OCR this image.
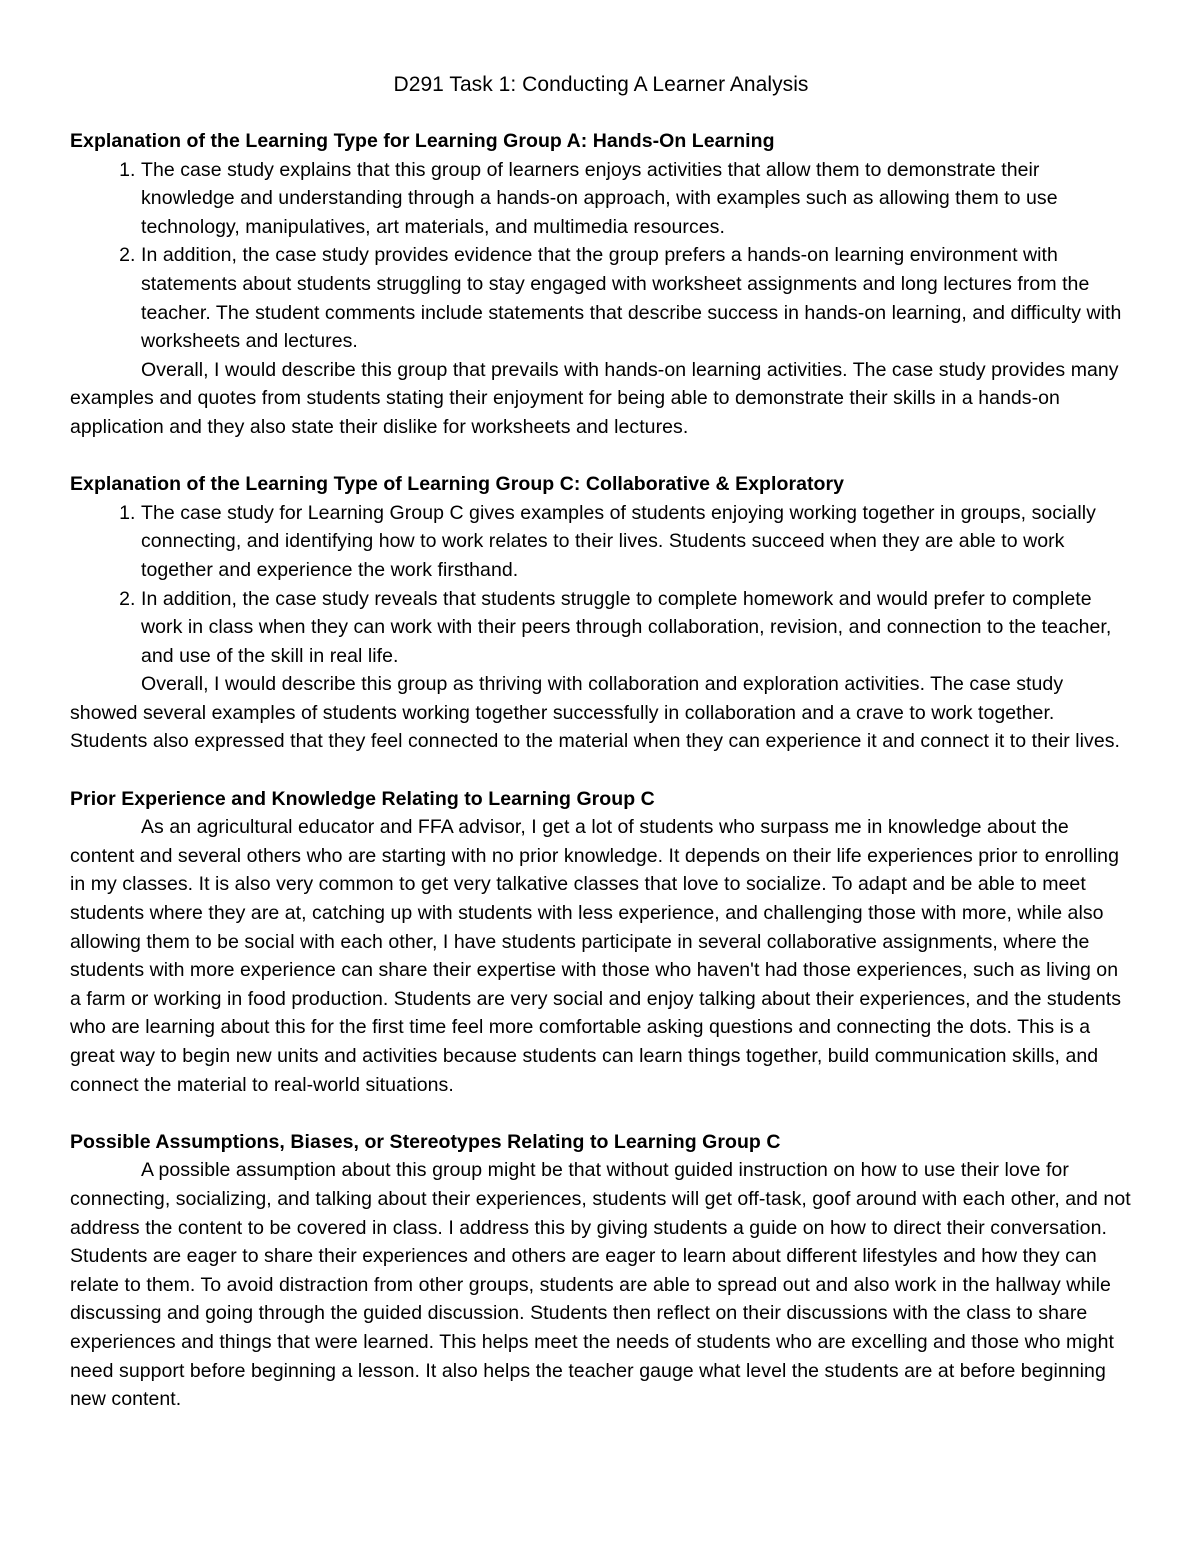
D291 Task 1: Conducting A Learner Analysis
Explanation of the Learning Type for Learning Group A: Hands-On Learning
1. The case study explains that this group of learners enjoys activities that allow them to demonstrate their knowledge and understanding through a hands-on approach, with examples such as allowing them to use technology, manipulatives, art materials, and multimedia resources.
2. In addition, the case study provides evidence that the group prefers a hands-on learning environment with statements about students struggling to stay engaged with worksheet assignments and long lectures from the teacher. The student comments include statements that describe success in hands-on learning, and difficulty with worksheets and lectures.

Overall, I would describe this group that prevails with hands-on learning activities. The case study provides many examples and quotes from students stating their enjoyment for being able to demonstrate their skills in a hands-on application and they also state their dislike for worksheets and lectures.

Explanation of the Learning Type of Learning Group C: Collaborative & Exploratory
1. The case study for Learning Group C gives examples of students enjoying working together in groups, socially connecting, and identifying how to work relates to their lives. Students succeed when they are able to work together and experience the work firsthand.
2. In addition, the case study reveals that students struggle to complete homework and would prefer to complete work in class when they can work with their peers through collaboration, revision, and connection to the teacher, and use of the skill in real life.

Overall, I would describe this group as thriving with collaboration and exploration activities. The case study showed several examples of students working together successfully in collaboration and a crave to work together. Students also expressed that they feel connected to the material when they can experience it and connect it to their lives.

Prior Experience and Knowledge Relating to Learning Group C

As an agricultural educator and FFA advisor, I get a lot of students who surpass me in knowledge about the content and several others who are starting with no prior knowledge. It depends on their life experiences prior to enrolling in my classes. It is also very common to get very talkative classes that love to socialize. To adapt and be able to meet students where they are at, catching up with students with less experience, and challenging those with more, while also allowing them to be social with each other, I have students participate in several collaborative assignments, where the students with more experience can share their expertise with those who haven't had those experiences, such as living on a farm or working in food production. Students are very social and enjoy talking about their experiences, and the students who are learning about this for the first time feel more comfortable asking questions and connecting the dots. This is a great way to begin new units and activities because students can learn things together, build communication skills, and connect the material to real-world situations.

Possible Assumptions, Biases, or Stereotypes Relating to Learning Group C

A possible assumption about this group might be that without guided instruction on how to use their love for connecting, socializing, and talking about their experiences, students will get off-task, goof around with each other, and not address the content to be covered in class. I address this by giving students a guide on how to direct their conversation. Students are eager to share their experiences and others are eager to learn about different lifestyles and how they can relate to them. To avoid distraction from other groups, students are able to spread out and also work in the hallway while discussing and going through the guided discussion. Students then reflect on their discussions with the class to share experiences and things that were learned. This helps meet the needs of students who are excelling and those who might need support before beginning a lesson. It also helps the teacher gauge what level the students are at before beginning new content.
